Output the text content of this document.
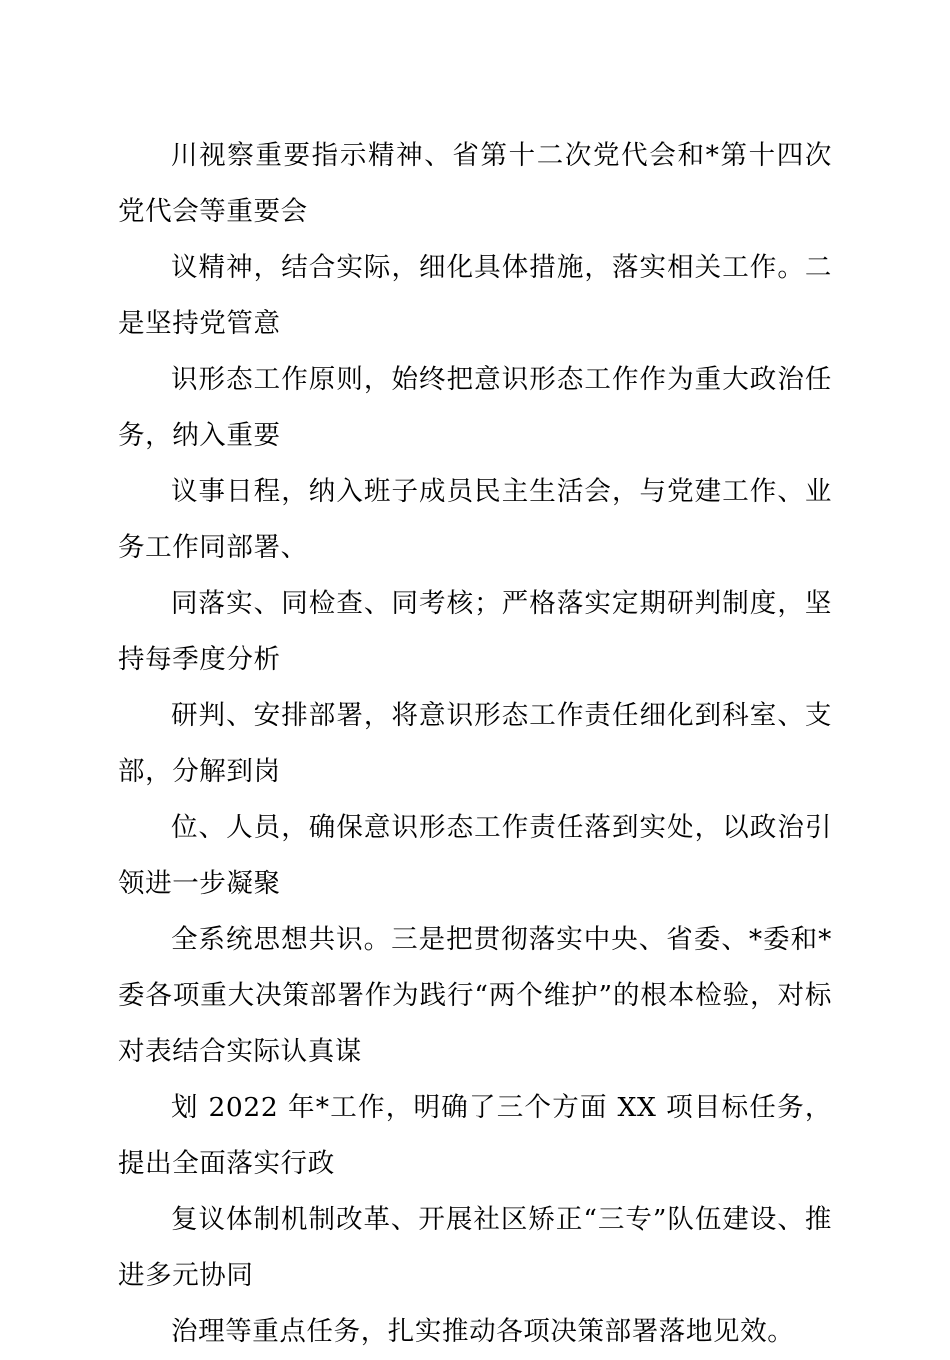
川视察重要指示精神、省第十二次党代会和*第十四次党代会等重要会

议精神，结合实际，细化具体措施，落实相关工作。二是坚持党管意

识形态工作原则，始终把意识形态工作作为重大政治任务，纳入重要

议事日程，纳入班子成员民主生活会，与党建工作、业务工作同部署、

同落实、同检查、同考核；严格落实定期研判制度，坚持每季度分析

研判、安排部署，将意识形态工作责任细化到科室、支部，分解到岗

位、人员，确保意识形态工作责任落到实处，以政治引领进一步凝聚

全系统思想共识。三是把贯彻落实中央、省委、*委和*委各项重大决策部署作为践行“两个维护”的根本检验，对标对表结合实际认真谋

划 2022 年*工作，明确了三个方面 XX 项目标任务，提出全面落实行政

复议体制机制改革、开展社区矫正“三专”队伍建设、推进多元协同

治理等重点任务，扎实推动各项决策部署落地见效。
